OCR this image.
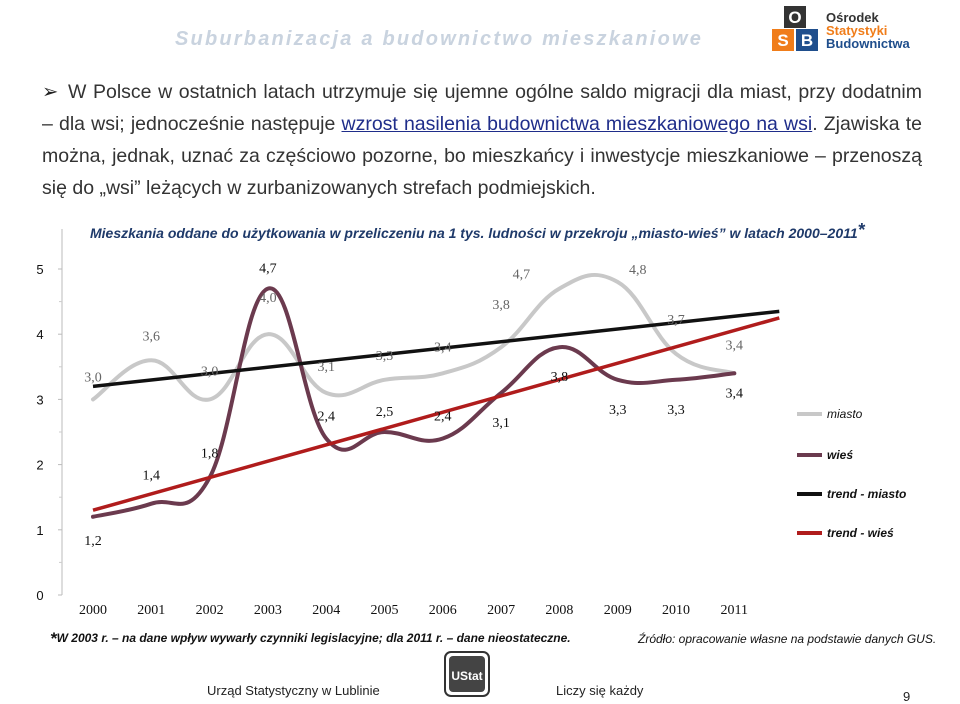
Suburbanizacja a budownictwo mieszkaniowe
O
S B
Ośrodek
Statystyki
Budownictwa
➢ W Polsce w ostatnich latach utrzymuje się ujemne ogólne saldo migracji dla miast, przy dodatnim – dla wsi; jednocześnie następuje wzrost nasilenia budownictwa mieszkaniowego na wsi. Zjawiska te można, jednak, uznać za częściowo pozorne, bo mieszkańcy i inwestycje mieszkaniowe – przenoszą się do „wsi” leżących w zurbanizowanych strefach podmiejskich.
Mieszkania oddane do użytkowania w przeliczeniu na 1 tys. ludności w przekroju „miasto-wieś” w latach 2000–2011*
0
1
2
3
4
5
2000 2001 2002 2003 2004 2005 2006 2007 2008 2009 2010 2011
3,0
3,6
3,0
4,0
3,1
3,3
3,4
3,8
4,7	4,8
3,7
3,4
1,2
1,4
1,8
4,7
2,4	2,5	2,4	3,1
3,8
3,3	3,3
3,4
miasto
wieś
trend - miasto
trend - wieś
*W 2003 r. – na dane wpływ wywarły czynniki legislacyjne; dla 2011 r. – dane nieostateczne.	Źródło: opracowanie własne na podstawie danych GUS.
Urząd Statystyczny w Lublinie
UStat
Liczy się każdy	9
